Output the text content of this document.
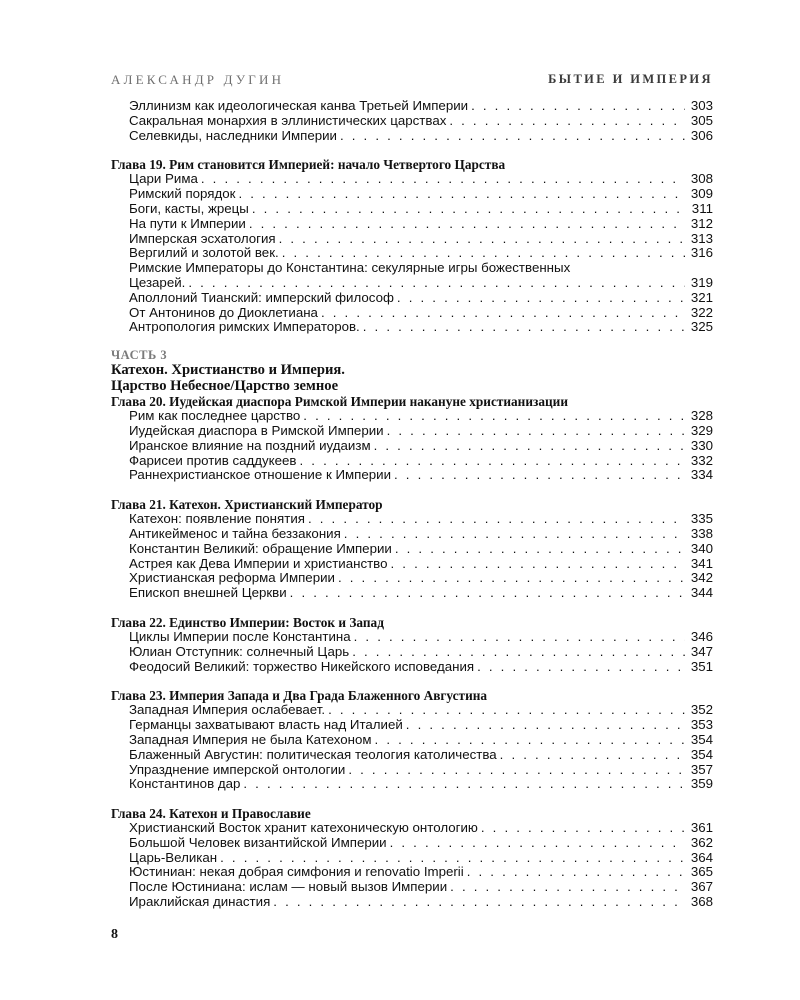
АЛЕКСАНДР ДУГИН	БЫТИЕ И ИМПЕРИЯ
Эллинизм как идеологическая канва Третьей Империи . . .	303
Сакральная монархия в эллинистических царствах . . .	305
Селевкиды, наследники Империи . . .	306
Глава 19. Рим становится Империей: начало Четвертого Царства
Цари Рима . . .	308
Римский порядок . . .	309
Боги, касты, жрецы . . .	311
На пути к Империи . . .	312
Имперская эсхатология . . .	313
Вергилий и золотой век. . . .	316
Римские Императоры до Константина: секулярные игры божественных
Цезарей. . . .	319
Аполлоний Тианский: имперский философ . . .	321
От Антонинов до Диоклетиана . . .	322
Антропология римских Императоров. . . .	325
ЧАСТЬ 3
Катехон. Христианство и Империя.
Царство Небесное/Царство земное
Глава 20. Иудейская диаспора Римской Империи накануне христианизации
Рим как последнее царство . . .	328
Иудейская диаспора в Римской Империи . . .	329
Иранское влияние на поздний иудаизм . . .	330
Фарисеи против саддукеев . . .	332
Раннехристианское отношение к Империи . . .	334
Глава 21. Катехон. Христианский Император
Катехон: появление понятия . . .	335
Антикейменос и тайна беззакония . . .	338
Константин Великий: обращение Империи . . .	340
Астрея как Дева Империи и христианство . . .	341
Христианская реформа Империи . . .	342
Епископ внешней Церкви . . .	344
Глава 22. Единство Империи: Восток и Запад
Циклы Империи после Константина . . .	346
Юлиан Отступник: солнечный Царь . . .	347
Феодосий Великий: торжество Никейского исповедания . . .	351
Глава 23. Империя Запада и Два Града Блаженного Августина
Западная Империя ослабевает. . . .	352
Германцы захватывают власть над Италией . . .	353
Западная Империя не была Катехоном . . .	354
Блаженный Августин: политическая теология католичества . . .	354
Упразднение имперской онтологии . . .	357
Константинов дар . . .	359
Глава 24. Катехон и Православие
Христианский Восток хранит катехоническую онтологию . . .	361
Большой Человек византийской Империи . . .	362
Царь-Великан . . .	364
Юстиниан: некая добрая симфония и renovatio Imperii . . .	365
После Юстиниана: ислам — новый вызов Империи . . .	367
Ираклийская династия . . .	368
8
